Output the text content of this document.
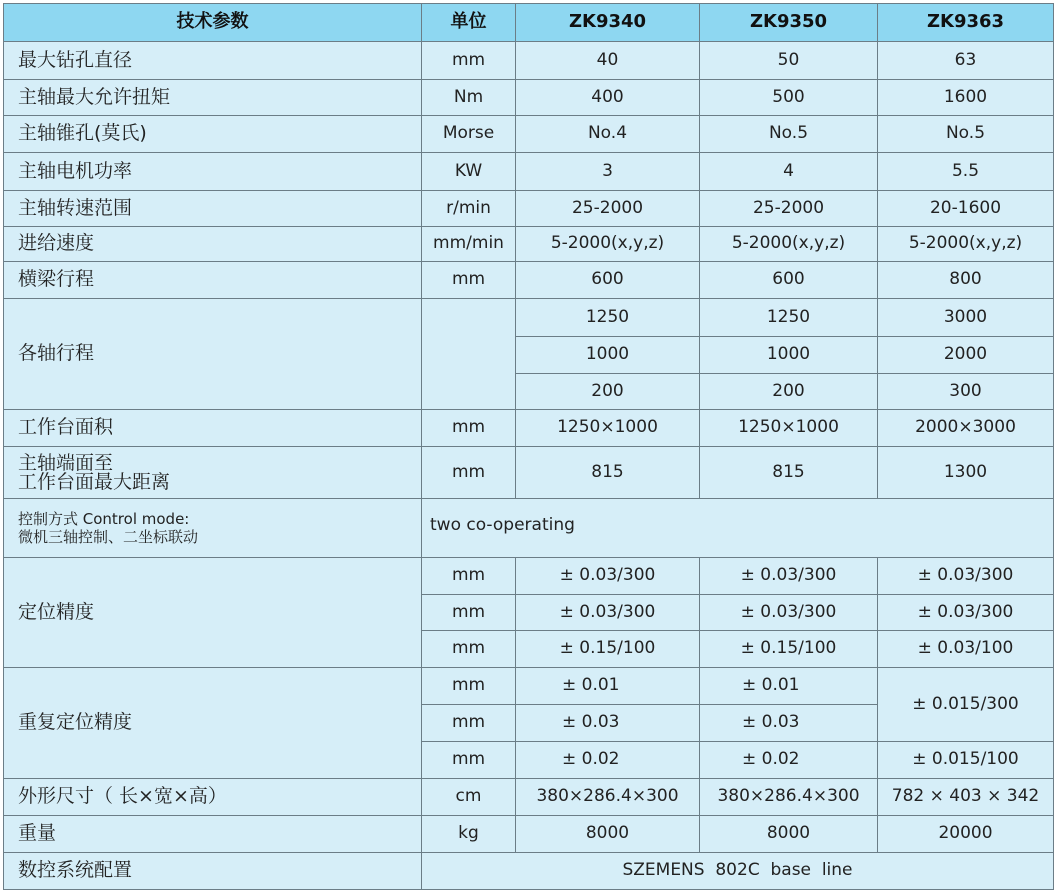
技术参数	单位	ZK9340	ZK9350	ZK9363
最大钻孔直径	mm	40	50	63
主轴最大允许扭矩	Nm	400	500	1600
主轴锥孔(莫氏)	Morse	No.4	No.5	No.5
主轴电机功率	KW	3	4	5.5
主轴转速范围	r/min	25-2000	25-2000	20-1600
进给速度	mm/min	5-2000(x,y,z)	5-2000(x,y,z)	5-2000(x,y,z)
横梁行程	mm	600	600	800
各轴行程		1250	1250	3000
		1000	1000	2000
		200	200	300
工作台面积	mm	1250×1000	1250×1000	2000×3000

主轴端面至
工作台面最大距离	mm	815	815	1300

控制方式 Control mode:
微机三轴控制、二坐标联动	two co-operating			
定位精度	mm	± 0.03/300	± 0.03/300	± 0.03/300
	mm	± 0.03/300	± 0.03/300	± 0.03/300
	mm	± 0.15/100	± 0.15/100	± 0.03/100
重复定位精度	mm	± 0.01	± 0.01	± 0.015/300
	mm	± 0.03	± 0.03	
	mm	± 0.02	± 0.02	± 0.015/100
外形尺寸（ 长×宽×高）	cm	380×286.4×300	380×286.4×300	782 × 403 × 342
重量	kg	8000	8000	20000
数控系统配置	SZEMENS  802C  base  line			
